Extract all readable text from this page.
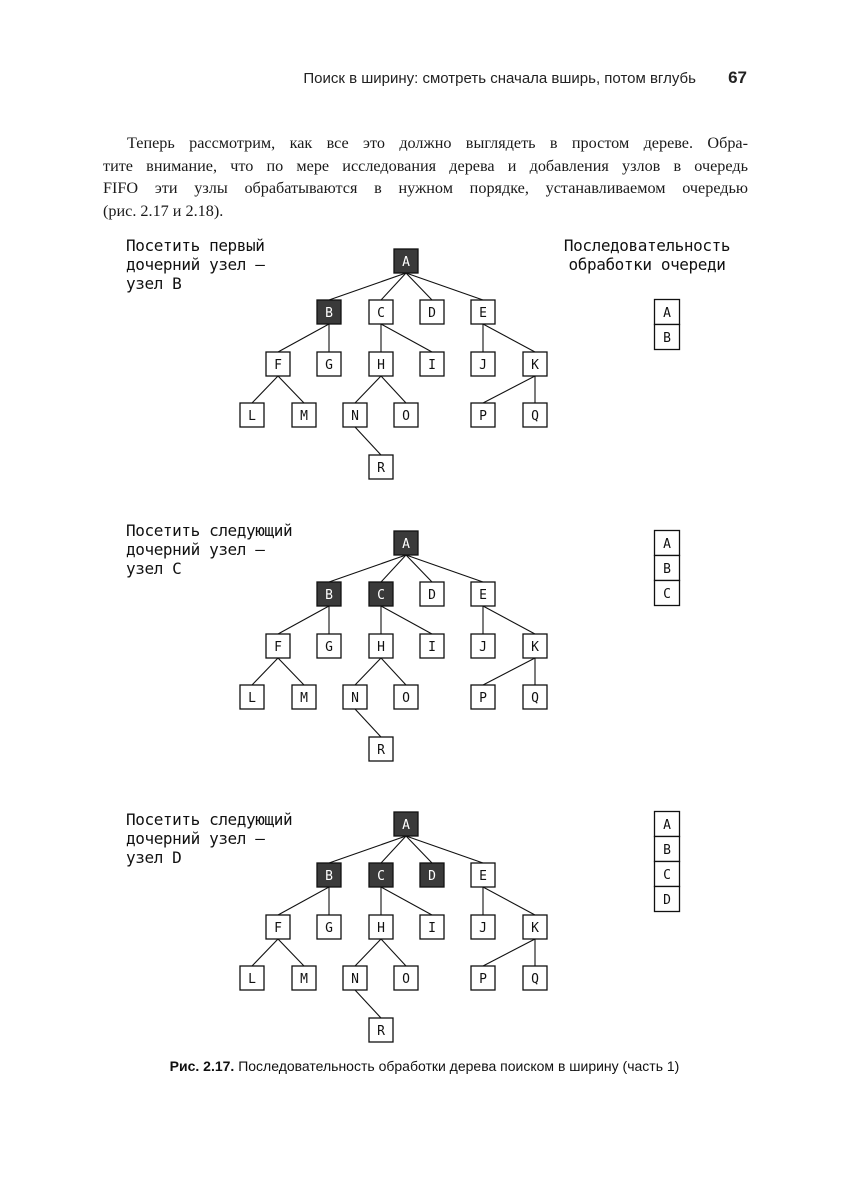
Поиск в ширину: смотреть сначала вширь, потом вглубь 67

Теперь рассмотрим, как все это должно выглядеть в простом дереве. Обра-
тите внимание, что по мере исследования дерева и добавления узлов в очередь
FIFO эти узлы обрабатываются в нужном порядке, устанавливаемом очередью
(рис. 2.17 и 2.18).

Посетить первый
дочерний узел —
узел B
Посетить следующий
дочерний узел —
узел C
Посетить следующий
дочерний узел —
узел D
Последовательность
обработки очереди
A
B	C	D	E
F	G	H	I	J	K
L	M	N	O	P	Q
R
A
B
A
B	C	D	E
F	G	H	I	J	K
L	M	N	O	P	Q
R
A
B
C
A
B	C	D	E
F	G	H	I	J	K
L	M	N	O	P	Q
R
A
B
C
D
Рис. 2.17. Последовательность обработки дерева поиском в ширину (часть 1)
